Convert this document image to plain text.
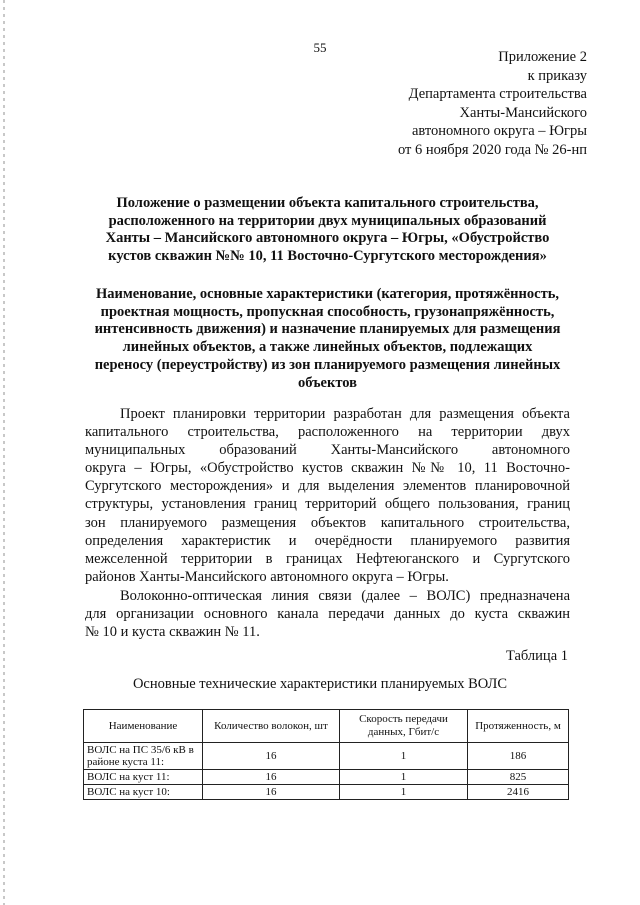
55
Приложение 2
к приказу
Департамента строительства
Ханты-Мансийского
автономного округа – Югры
от 6 ноября 2020 года № 26-нп
Положение о размещении объекта капитального строительства,
расположенного на территории двух муниципальных образований
Ханты – Мансийского автономного округа – Югры, «Обустройство
кустов скважин №№ 10, 11 Восточно-Сургутского месторождения»
Наименование, основные характеристики (категория, протяжённость,
проектная мощность, пропускная способность, грузонапряжённость,
интенсивность движения) и назначение планируемых для размещения
линейных объектов, а также линейных объектов, подлежащих
переносу (переустройству) из зон планируемого размещения линейных
объектов
Проект планировки территории разработан для размещения объекта
капитального строительства, расположенного на территории двух
муниципальных образований Ханты-Мансийского автономного
округа – Югры, «Обустройство кустов скважин №№ 10, 11 Восточно-
Сургутского месторождения» и для выделения элементов планировочной
структуры, установления границ территорий общего пользования, границ
зон планируемого размещения объектов капитального строительства,
определения характеристик и очерёдности планируемого развития
межселенной территории в границах Нефтеюганского и Сургутского
районов Ханты-Мансийского автономного округа – Югры.
Волоконно-оптическая линия связи (далее – ВОЛС) предназначена
для организации основного канала передачи данных до куста скважин
№ 10 и куста скважин № 11.
Таблица 1
Основные технические характеристики планируемых ВОЛС
Наименование	Количество волокон, шт	Скорость передачи данных, Гбит/с	Протяженность, м
ВОЛС на ПС 35/6 кВ в районе куста 11:	16	1	186
ВОЛС на куст 11:	16	1	825
ВОЛС на куст 10:	16	1	2416
